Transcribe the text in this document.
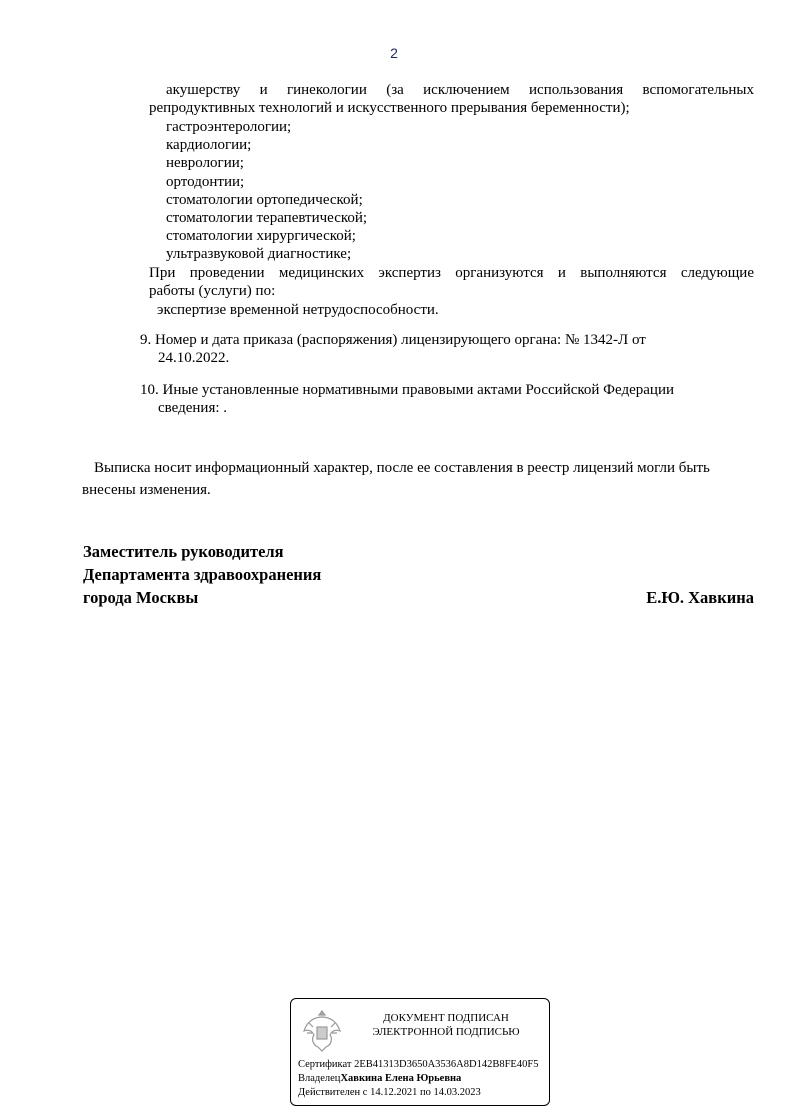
2
акушерству и гинекологии (за исключением использования вспомогательных
репродуктивных технологий и искусственного прерывания беременности);
гастроэнтерологии;
кардиологии;
неврологии;
ортодонтии;
стоматологии ортопедической;
стоматологии терапевтической;
стоматологии хирургической;
ультразвуковой диагностике;
При проведении медицинских экспертиз организуются и выполняются следующие
работы (услуги) по:
экспертизе временной нетрудоспособности.
9. Номер и дата приказа (распоряжения) лицензирующего органа: № 1342-Л от
24.10.2022.
10. Иные установленные нормативными правовыми актами Российской Федерации
сведения: .
Выписка носит информационный характер, после ее составления в реестр лицензий могли быть
внесены изменения.
Заместитель руководителя
Департамента здравоохранения
города Москвы	Е.Ю. Хавкина
ДОКУМЕНТ ПОДПИСАН
ЭЛЕКТРОННОЙ ПОДПИСЬЮ
Сертификат 2EB41313D3650A3536A8D142B8FE40F5
ВладелецХавкина Елена Юрьевна
Действителен с 14.12.2021 по 14.03.2023
